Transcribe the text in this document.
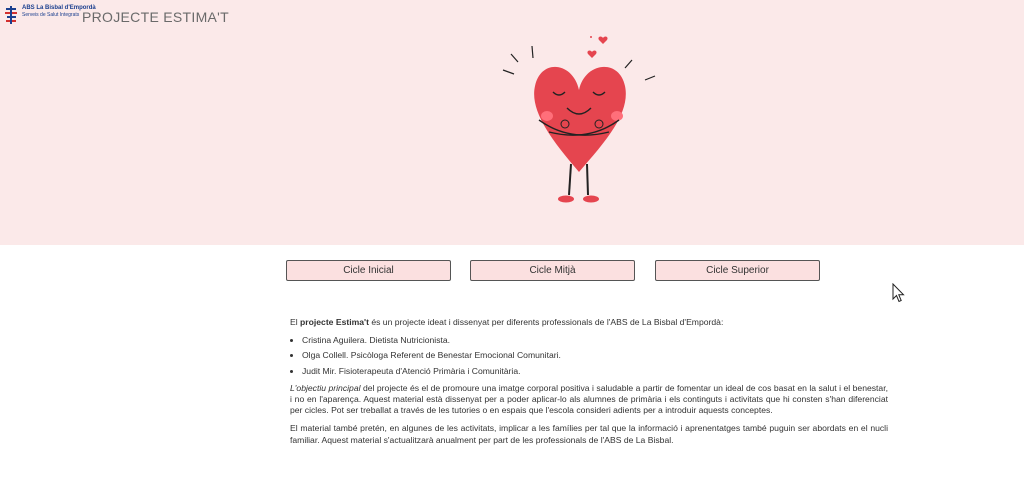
ABS La Bisbal d'Empordà
Serveis de Salut Integrats PROJECTE ESTIMA'T
Cicle Inicial	Cicle Mitjà	Cicle Superior

El projecte Estima't és un projecte ideat i dissenyat per diferents professionals de l'ABS de La Bisbal d'Empordà:

• Cristina Aguilera. Dietista Nutricionista.
• Olga Collell. Psicòloga Referent de Benestar Emocional Comunitari.
• Judit Mir. Fisioterapeuta d'Atenció Primària i Comunitària.

L'objectiu principal del projecte és el de promoure una imatge corporal positiva i saludable a partir de fomentar un ideal de cos basat en la salut i el benestar, i no en l'aparença. Aquest material està dissenyat per a poder aplicar-lo als alumnes de primària i els continguts i activitats que hi consten s'han diferenciat per cicles. Pot ser treballat a través de les tutories o en espais que l'escola consideri adients per a introduir aquests conceptes.

El material també pretén, en algunes de les activitats, implicar a les famílies per tal que la informació i aprenentatges també puguin ser abordats en el nucli familiar. Aquest material s'actualitzarà anualment per part de les professionals de l'ABS de La Bisbal.
